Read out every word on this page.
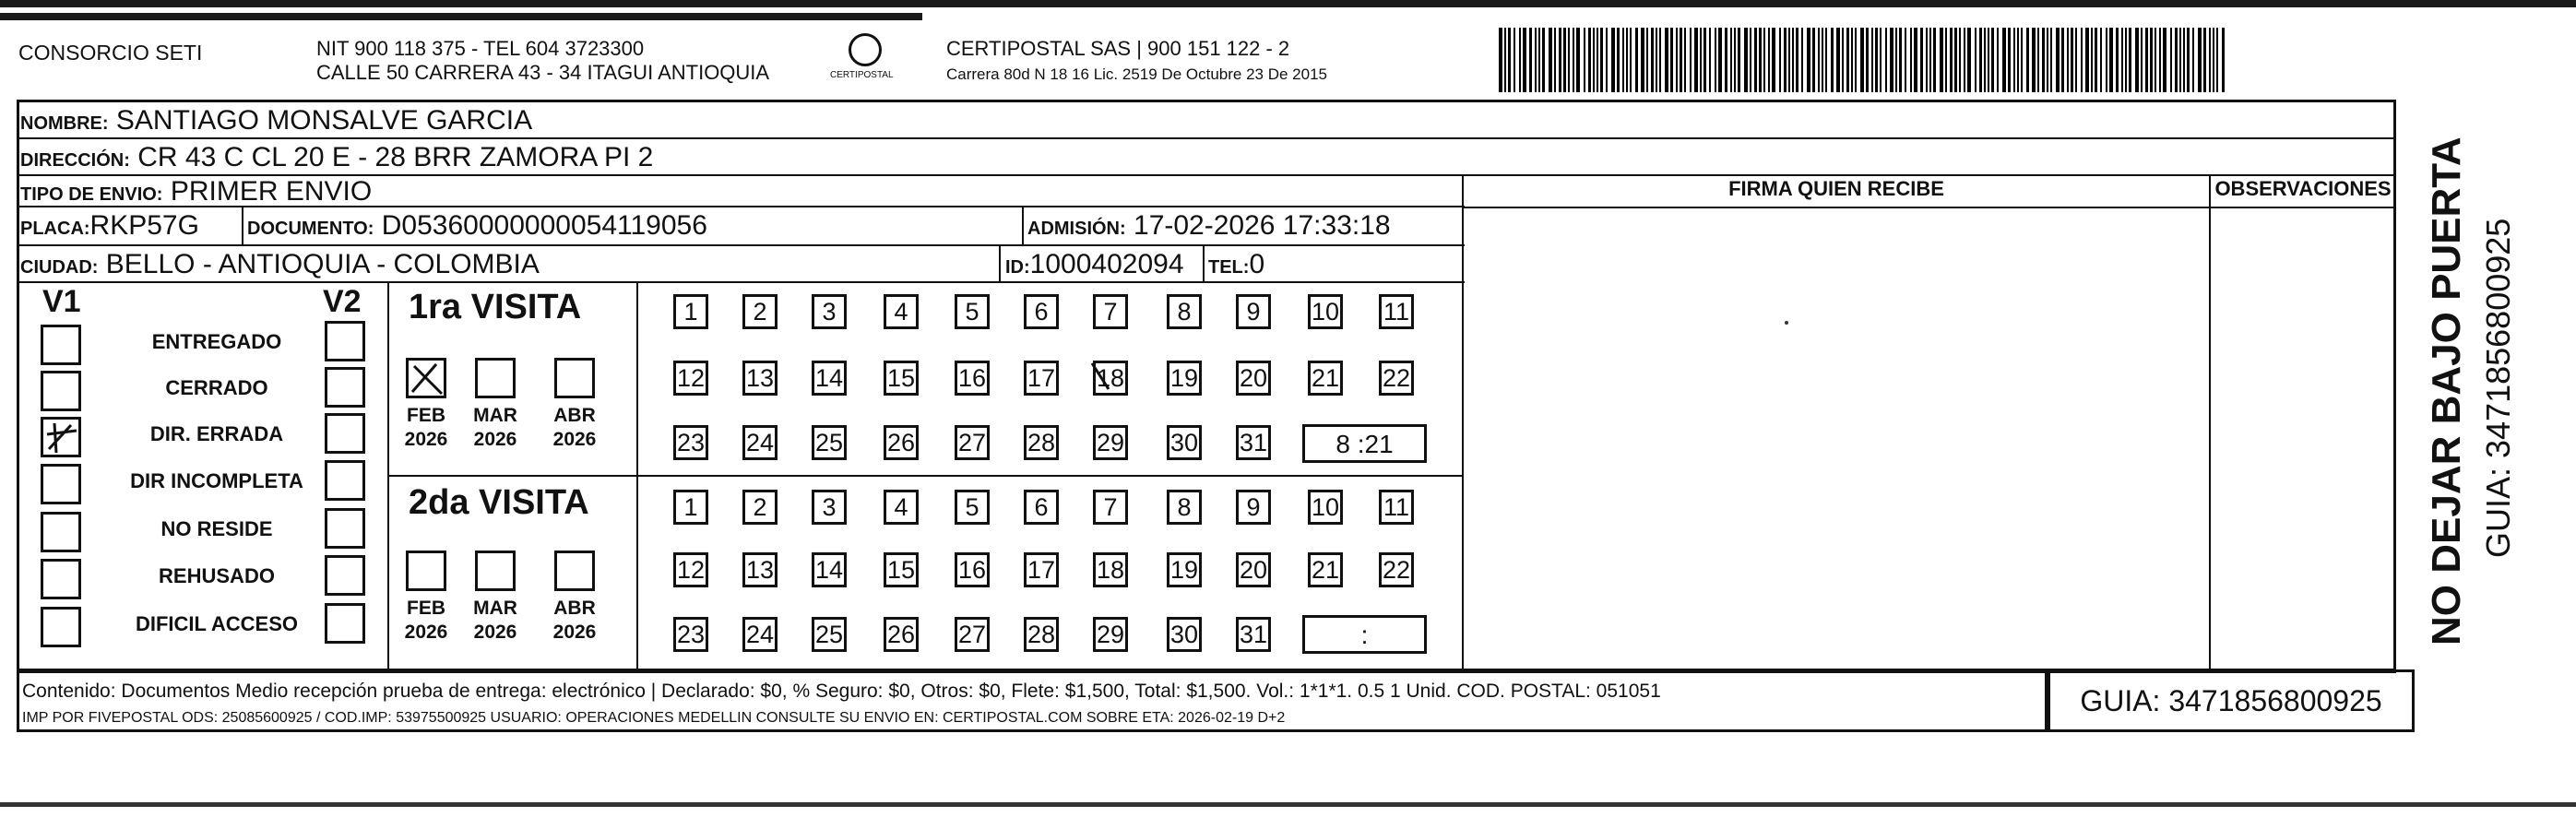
CONSORCIO SETI	NIT 900 118 375 - TEL 604 3723300
CALLE 50 CARRERA 43 - 34 ITAGUI ANTIOQUIA	CERTIPOSTAL
CERTIPOSTAL SAS | 900 151 122 - 2
Carrera 80d N 18 16 Lic. 2519 De Octubre 23 De 2015
NOMBRE: SANTIAGO MONSALVE GARCIA
DIRECCIÓN: CR 43 C CL 20 E - 28 BRR ZAMORA PI 2
TIPO DE ENVIO: PRIMER ENVIO
PLACA:RKP57G	DOCUMENTO: D05360000000054119056	ADMISIÓN: 17-02-2026 17:33:18
CIUDAD: BELLO - ANTIOQUIA - COLOMBIA	ID:1000402094 TEL:0
FIRMA QUIEN RECIBE	OBSERVACIONES
V1	V2
ENTREGADO
CERRADO
DIR. ERRADA
DIR INCOMPLETA
NO RESIDE
REHUSADO
DIFICIL ACCESO
1ra VISITA
FEB
2026
MAR
2026
ABR
2026
1	2	3	4	5	6	7	8	9	10 11
12 13 14 15 16 17 18 19 20 21 22
23 24 25 26 27 28 29 30 31	8 :21
2da VISITA
FEB
2026
MAR
2026
ABR
2026
1	2	3	4	5	6	7	8	9	10 11
12 13 14 15 16 17 18 19 20 21 22
23 24 25 26 27 28 29 30 31	:
Contenido: Documentos Medio recepción prueba de entrega: electrónico | Declarado: $0, % Seguro: $0, Otros: $0, Flete: $1,500, Total: $1,500. Vol.: 1*1*1. 0.5 1 Unid. COD. POSTAL: 051051
IMP POR FIVEPOSTAL ODS: 25085600925 / COD.IMP: 53975500925 USUARIO: OPERACIONES MEDELLIN CONSULTE SU ENVIO EN: CERTIPOSTAL.COM SOBRE ETA: 2026-02-19 D+2
GUIA: 3471856800925
NO DEJAR BAJO PUERTA GUIA: 3471856800925
